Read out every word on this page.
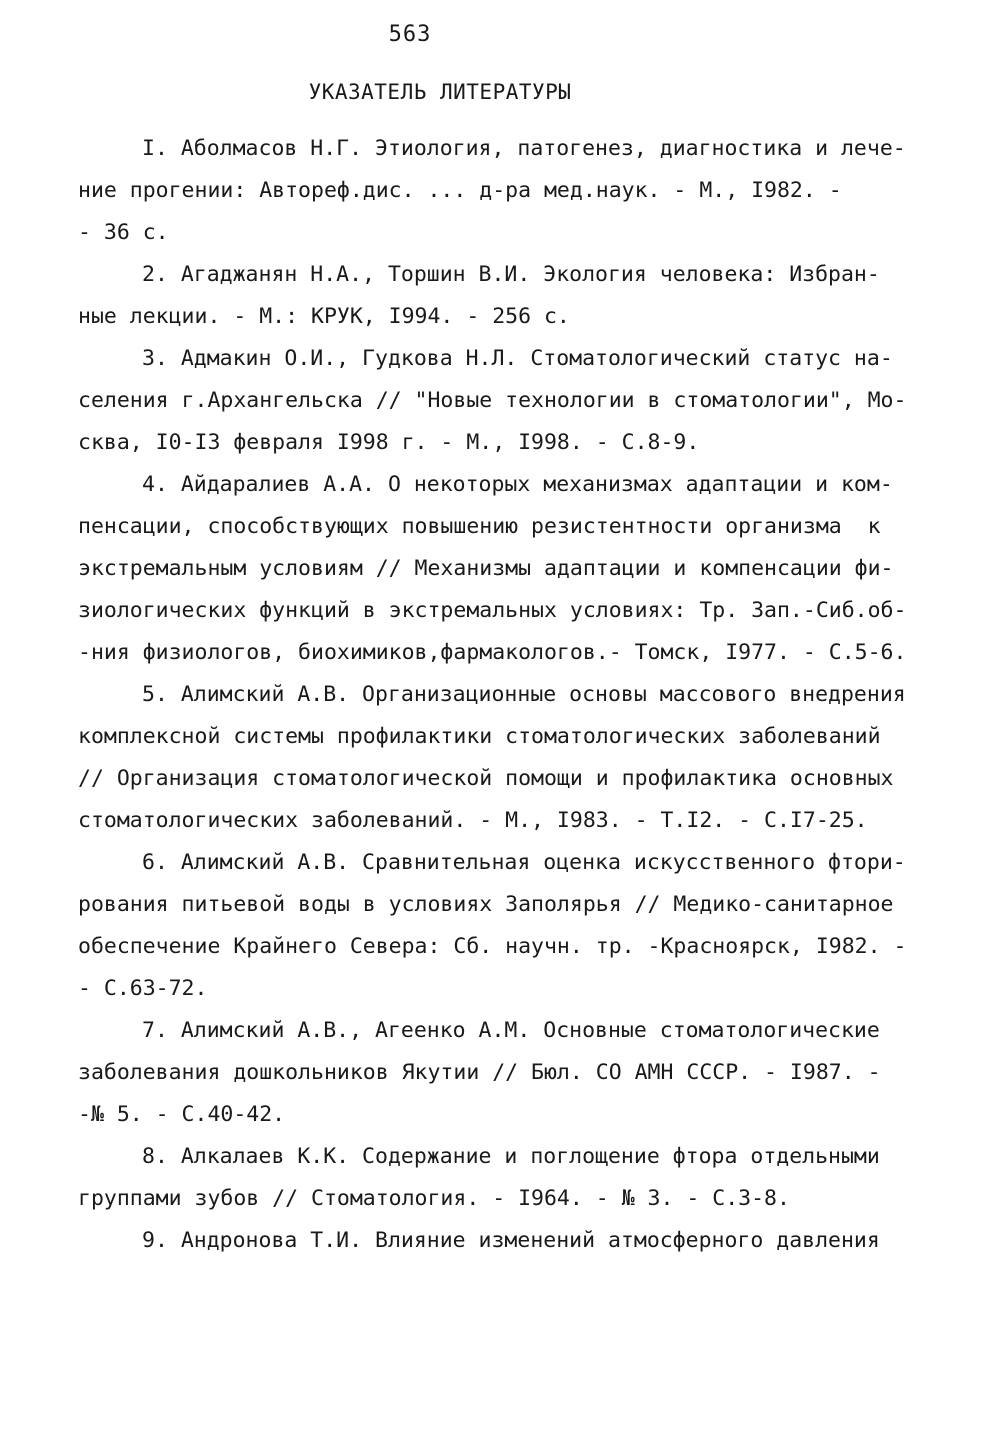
563
УКАЗАТЕЛЬ ЛИТЕРАТУРЫ
I. Аболмасов Н.Г. Этиология, патогенез, диагностика и лече-
ние прогении: Автореф.дис. ... д-ра мед.наук. - М., I982. -
- 36 с.
2. Агаджанян Н.А., Торшин В.И. Экология человека: Избран-
ные лекции. - М.: КРУК, I994. - 256 с.
3. Адмакин О.И., Гудкова Н.Л. Стоматологический статус на-
селения г.Архангельска // "Новые технологии в стоматологии", Мо-
сква, I0-I3 февраля I998 г. - М., I998. - С.8-9.
4. Айдаралиев А.А. О некоторых механизмах адаптации и ком-
пенсации, способствующих повышению резистентности организма  к
экстремальным условиям // Механизмы адаптации и компенсации фи-
зиологических функций в экстремальных условиях: Тр. Зап.-Сиб.об-
-ния физиологов, биохимиков,фармакологов.- Томск, I977. - С.5-6.
5. Алимский А.В. Организационные основы массового внедрения
комплексной системы профилактики стоматологических заболеваний
// Организация стоматологической помощи и профилактика основных
стоматологических заболеваний. - М., I983. - Т.I2. - С.I7-25.
6. Алимский А.В. Сравнительная оценка искусственного фтори-
рования питьевой воды в условиях Заполярья // Медико-санитарное
обеспечение Крайнего Севера: Сб. научн. тр. -Красноярск, I982. -
- С.63-72.
7. Алимский А.В., Агеенко А.М. Основные стоматологические
заболевания дошкольников Якутии // Бюл. СО АМН СССР. - I987. -
-№ 5. - С.40-42.
8. Алкалаев К.К. Содержание и поглощение фтора отдельными
группами зубов // Стоматология. - I964. - № 3. - С.3-8.
9. Андронова Т.И. Влияние изменений атмосферного давления
